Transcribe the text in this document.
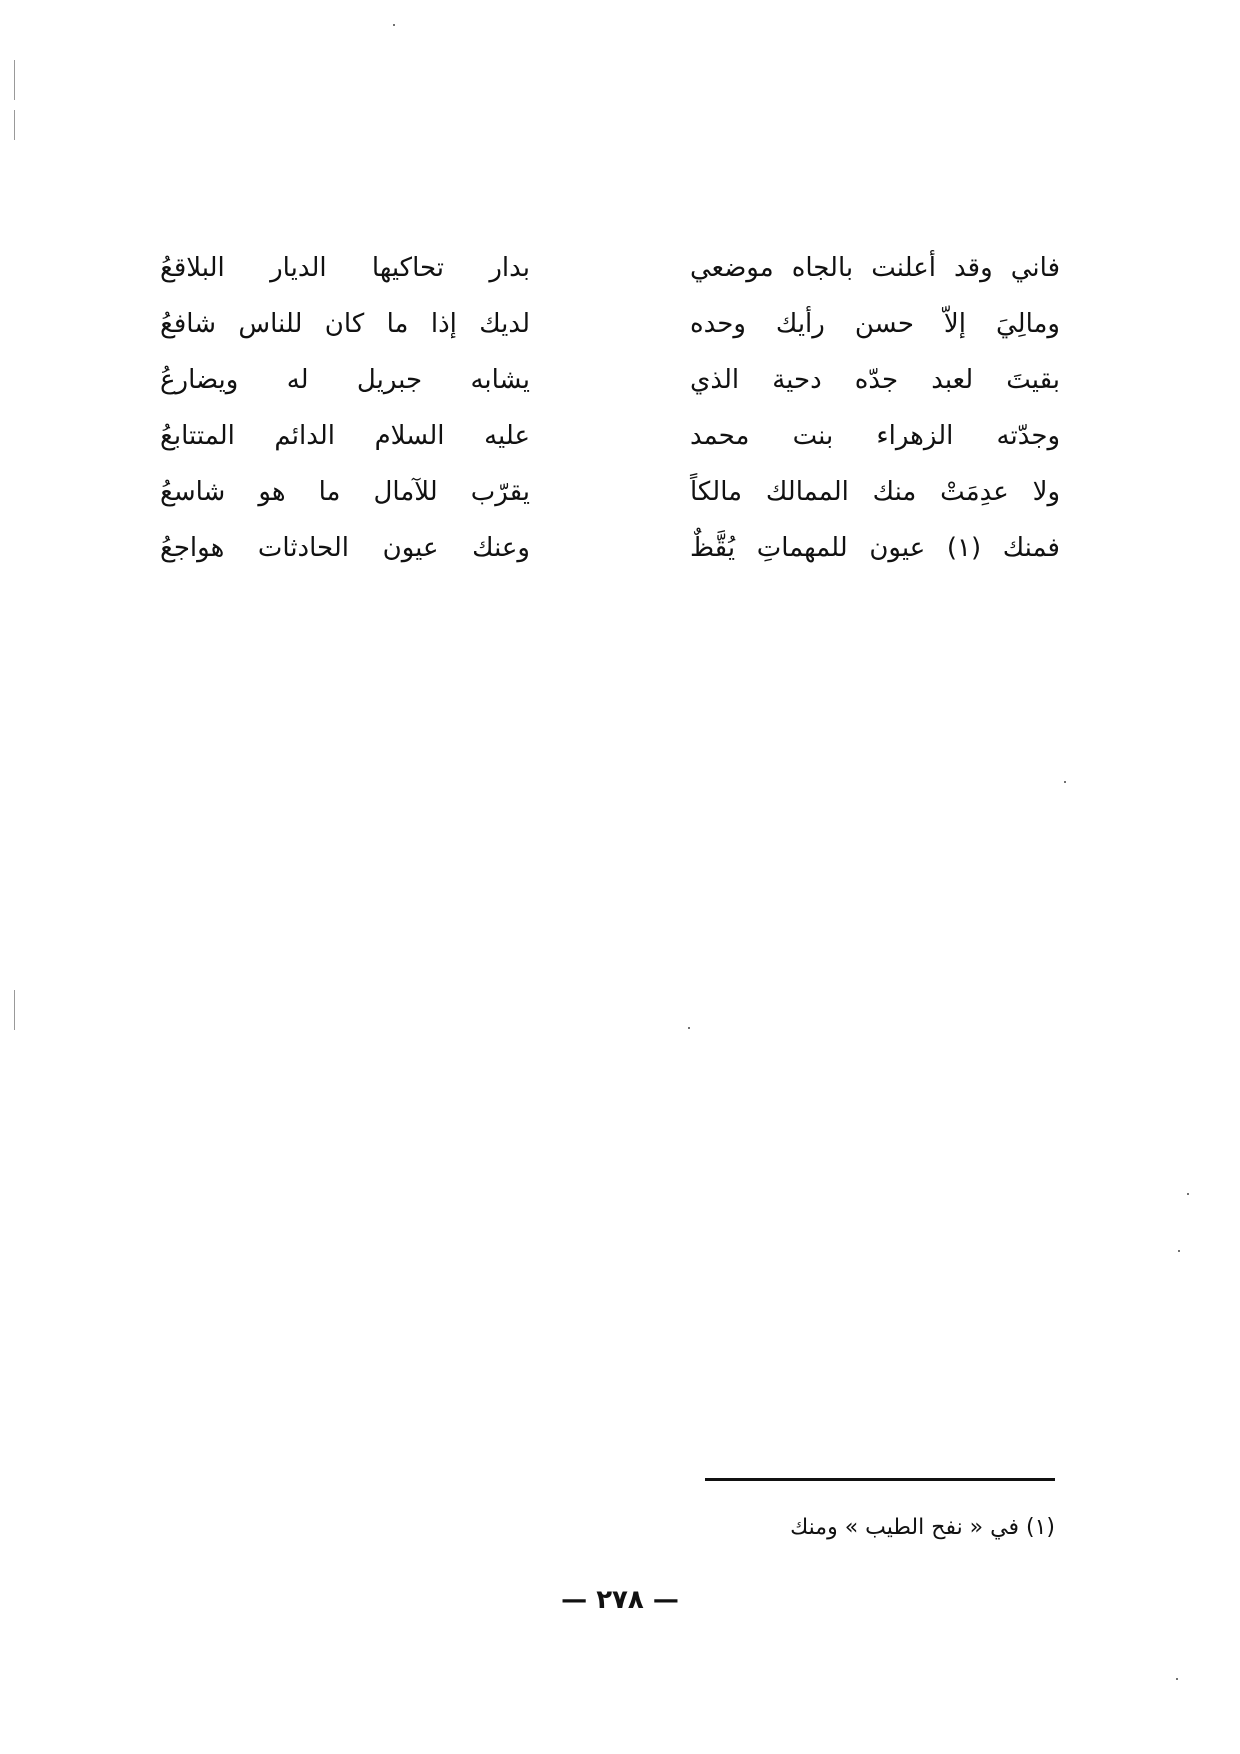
فاني وقد أعلنت بالجاه موضعي
بدار تحاكيها الديار البلاقعُ
ومالِيَ إلاّ حسن رأيك وحده
لديك إذا ما كان للناس شافعُ
بقيتَ لعبد جدّه دحية الذي
يشابه جبريل له ويضارعُ
وجدّته الزهراء بنت محمد
عليه السلام الدائم المتتابعُ
ولا عدِمَتْ منك الممالك مالكاً
يقرّب للآمال ما هو شاسعُ
فمنك (١) عيون للمهماتِ يُقَّظٌ
وعنك عيون الحادثات هواجعُ
(١) في « نفح الطيب » ومنك
— ٢٧٨ —
